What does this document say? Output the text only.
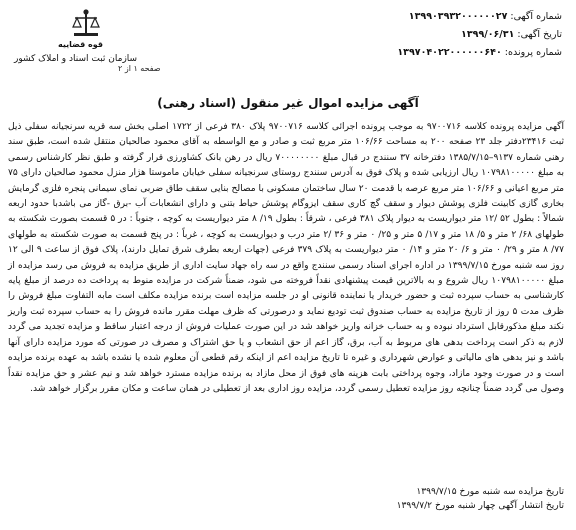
شماره آگهی: ۱۳۹۹۰۳۹۳۲۰۰۰۰۰۰۲۷
تاریخ آگهی: ۱۳۹۹/۰۶/۳۱
شماره پرونده: ۱۳۹۷۰۴۰۲۲۰۰۰۰۰۰۶۴۰
قوه قضاییه
سازمان ثبت اسناد و املاک کشور
صفحه ۱ از ۲
آگهی مزایده اموال غیر منقول (اسناد رهنی)

آگهی مزایده پرونده کلاسه ۹۷۰۰۷۱۶ به موجب پرونده اجرائی کلاسه ۹۷۰۰۷۱۶ پلاک ۳۸۰ فرعی از ۱۷۲۲ اصلی بخش سه قریه سرنجیانه سفلی ذیل ثبت ۲۳۴۱۶دفتر جلد ۲۳ صفحه ۲۰۰ به مساحت ۱۰۶/۶۶ متر مربع ثبت و صادر و مع الواسطه به آقای محمود صالحیان منتقل شده است، طبق سند رهنی شماره ۹۱۳۷–۱۳۸۵/۷/۱۵ دفترخانه ۳۷ سنندج در قبال مبلغ ۷۰۰۰۰۰۰۰۰ ریال در رهن بانک کشاورزی قرار گرفته و طبق نظر کارشناس رسمی به مبلغ ۱۰۷۹۸۱۰۰۰۰۰ ریال ارزیابی شده و پلاک فوق به آدرس سنندج روستای سرنجیانه سفلی خیابان ماموستا هژار منزل محمود صالحیان دارای ۷۵ متر مربع اعیانی و ۱۰۶/۶۶ متر مربع عرصه با قدمت ۲۰ سال ساختمان مسکونی با مصالح بنایی سقف طاق ضربی نمای سیمانی پنجره فلزی گرمایش بخاری گازی کابینت فلزی پوشش دیوار و سقف گچ کاری سقف ایزوگام پوشش حیاط بتنی و دارای انشعابات آب -برق -گاز می باشدبا حدود اربعه شمالاً : بطول ۵۲ /۱۲ متر دیواریست به دیوار پلاک ۳۸۱ فرعی ، شرقاً : بطول ۱۹/ ۸ متر دیواریست به کوچه ، جنوباً : در ۵ قسمت بصورت شکسته به طولهای ۶۸/ ۲ متر و ۵/ ۱۸ متر و ۱۷/ ۵ متر و ۲۵/ ۰ متر و ۳۶ /۲ متر درب و دیواریست به کوچه ، غرباً : در پنج قسمت به صورت شکسته به طولهای ۷۷/ ۸ متر و ۲۹/ ۰ متر و ۶/ ۲۰ متر و ۱۴/ ۰ متر دیواریست به پلاک ۳۷۹ فرعی (جهات اربعه بطرف شرق تمایل دارند)، پلاک فوق از ساعت ۹ الی ۱۲ روز سه شنبه مورخ ۱۳۹۹/۷/۱۵ در اداره اجرای اسناد رسمی سنندج واقع در سه راه جهاد سایت اداری از طریق مزایده به فروش می رسد مزایده از مبلغ ۱۰۷۹۸۱۰۰۰۰۰ ریال شروع و به بالاترین قیمت پیشنهادی نقداً فروخته می شود، ضمناً شرکت در مزایده منوط به پرداخت ده درصد از مبلغ پایه کارشناسی به حساب سپرده ثبت و حضور خریدار یا نماینده قانونی او در جلسه مزایده است برنده مزایده مکلف است مابه التفاوت مبلغ فروش را ظرف مدت ۵ روز از تاریخ مزایده به حساب صندوق ثبت تودیع نماید و درصورتی که ظرف مهلت مقرر مانده فروش را به حساب سپرده ثبت واریز نکند مبلغ مذکورقابل استرداد نبوده و به حساب خزانه واریز خواهد شد در این صورت عملیات فروش از درجه اعتبار ساقط و مزایده تجدید می گردد لازم به ذکر است پرداخت بدهی های مربوط به آب، برق، گاز اعم از حق انشعاب و یا حق اشتراک و مصرف در صورتی که مورد مزایده دارای آنها باشد و نیز بدهی های مالیاتی و عوارض شهرداری و غیره تا تاریخ مزایده اعم از اینکه رقم قطعی آن معلوم شده یا نشده باشد به عهده برنده مزایده است و در صورت وجود مازاد، وجوه پرداختی بابت هزینه های فوق از محل مازاد به برنده مزایده مسترد خواهد شد و نیم عشر و حق مزایده نقداً وصول می گردد ضمناً چنانچه روز مزایده تعطیل رسمی گردد، مزایده روز اداری بعد از تعطیلی در همان ساعت و مکان مقرر برگزار خواهد شد.

تاریخ مزایده سه شنبه مورخ ۱۳۹۹/۷/۱۵
تاریخ انتشار آگهی چهار شنبه مورخ ۱۳۹۹/۷/۲
